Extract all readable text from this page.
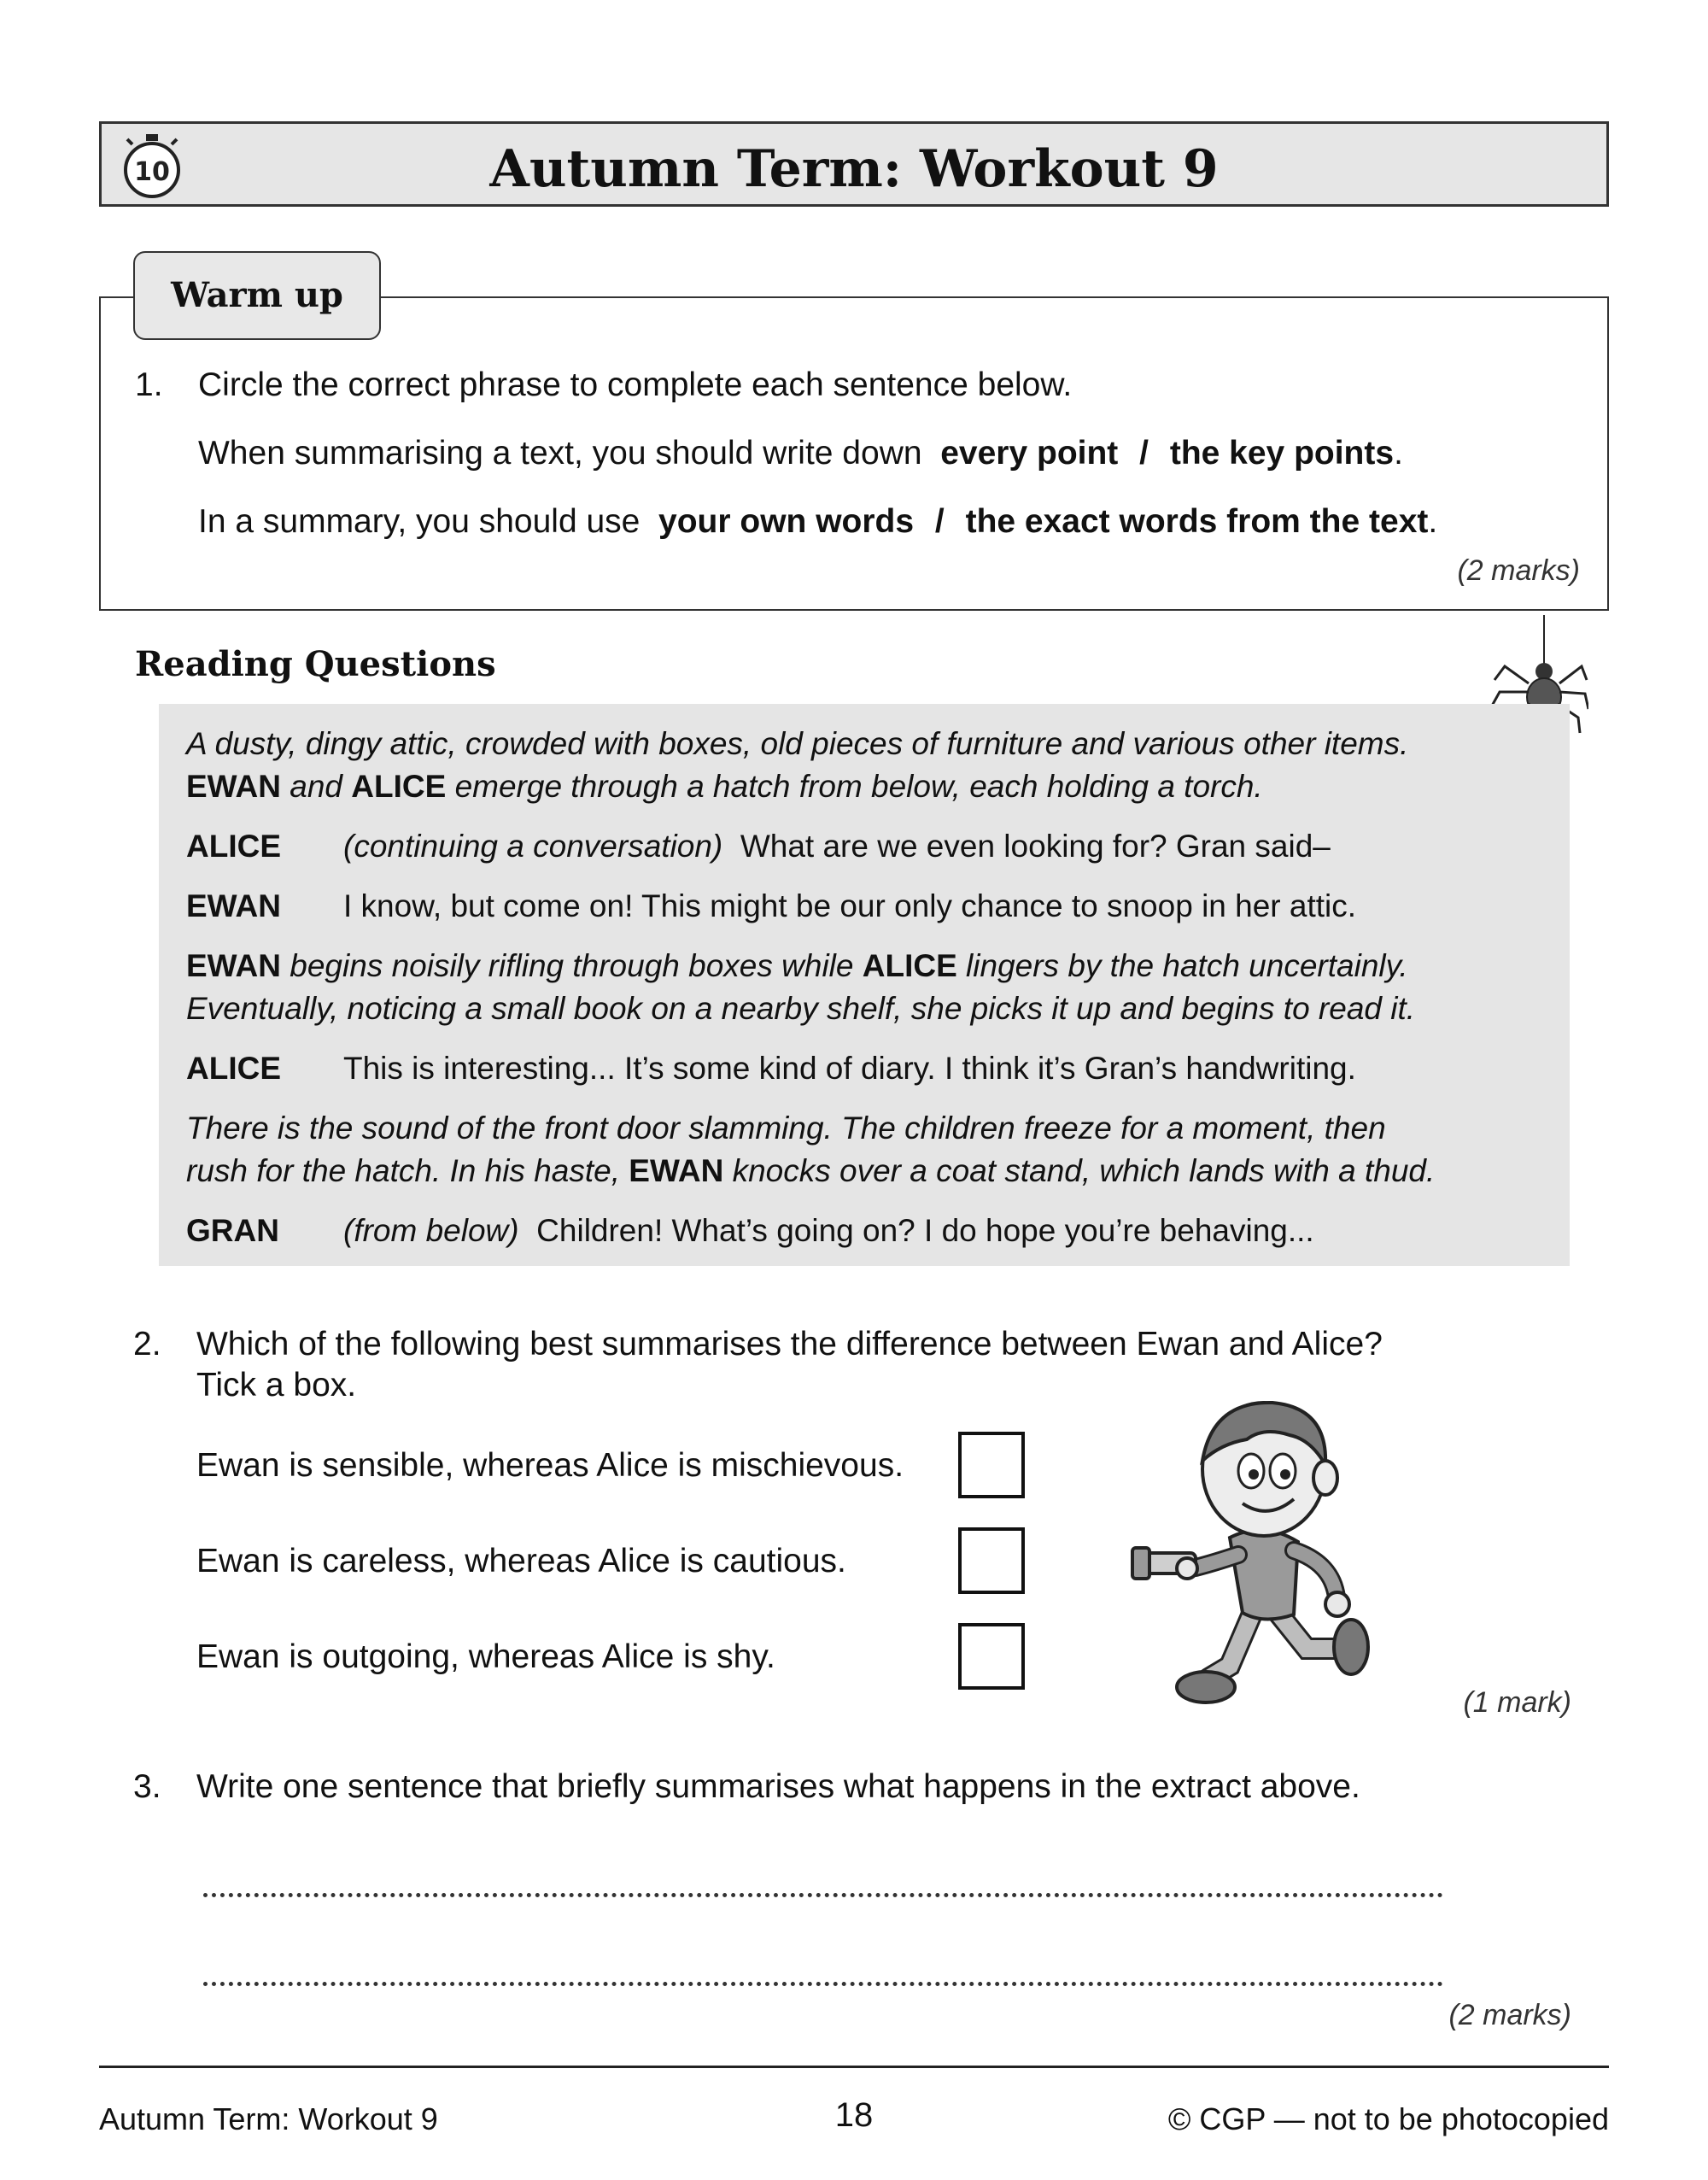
10	Autumn Term: Workout 9
1. Circle the correct phrase to complete each sentence below.
When summarising a text, you should write down every point / the key points.
In a summary, you should use your own words / the exact words from the text.
(2 marks)
Warm up
Reading Questions
A dusty, dingy attic, crowded with boxes, old pieces of furniture and various other items.
EWAN and ALICE emerge through a hatch from below, each holding a torch.
ALICE (continuing a conversation) What are we even looking for? Gran said–
EWAN I know, but come on! This might be our only chance to snoop in her attic.
EWAN begins noisily rifling through boxes while ALICE lingers by the hatch uncertainly.
Eventually, noticing a small book on a nearby shelf, she picks it up and begins to read it.
ALICE This is interesting... It’s some kind of diary. I think it’s Gran’s handwriting.
There is the sound of the front door slamming. The children freeze for a moment, then
rush for the hatch. In his haste, EWAN knocks over a coat stand, which lands with a thud.
GRAN (from below) Children! What’s going on? I do hope you’re behaving...
2. Which of the following best summarises the difference between Ewan and Alice?
Tick a box.
Ewan is sensible, whereas Alice is mischievous.
Ewan is careless, whereas Alice is cautious.
Ewan is outgoing, whereas Alice is shy.
(1 mark)
3. Write one sentence that briefly summarises what happens in the extract above.
(2 marks)
Autumn Term: Workout 9	18	© CGP — not to be photocopied
